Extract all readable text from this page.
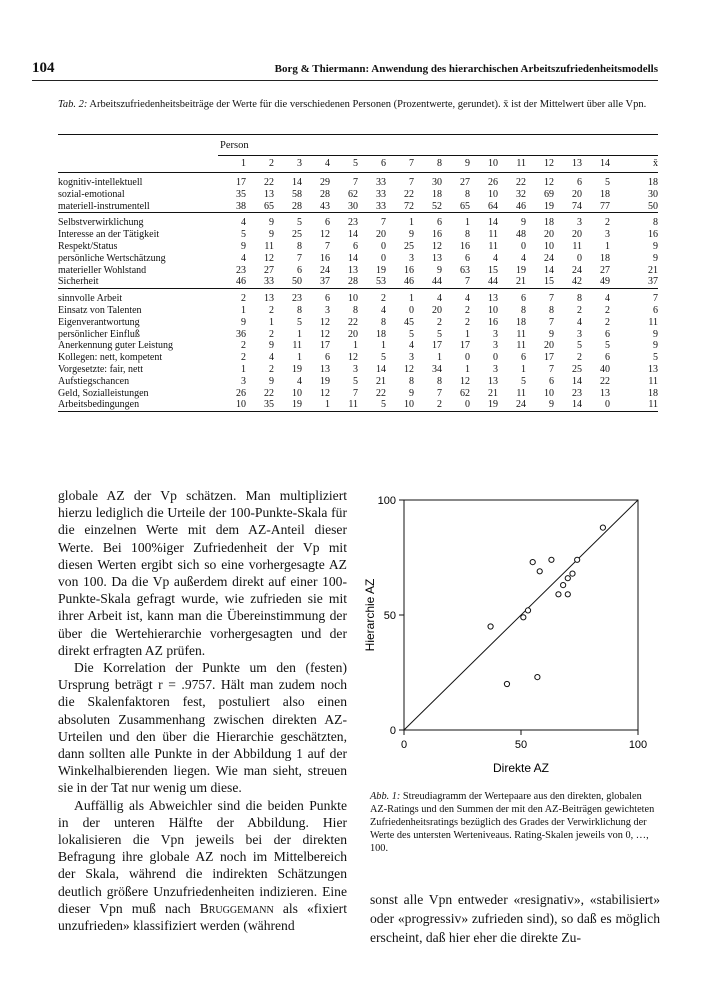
104	Borg & Thiermann: Anwendung des hierarchischen Arbeitszufriedenheitsmodells
Tab. 2: Arbeitszufriedenheitsbeiträge der Werte für die verschiedenen Personen (Prozentwerte, gerundet). x̄ ist der Mittelwert über alle Vpn.

	Person														
	1	2	3	4	5	6	7	8	9	10	11	12	13	14	x̄

kognitiv-intellektuell	17	22	14	29	7	33	7	30	27	26	22	12	6	5	18
sozial-emotional	35	13	58	28	62	33	22	18	8	10	32	69	20	18	30
materiell-instrumentell	38	65	28	43	30	33	72	52	65	64	46	19	74	77	50

Selbstverwirklichung	4	9	5	6	23	7	1	6	1	14	9	18	3	2	8
Interesse an der Tätigkeit	5	9	25	12	14	20	9	16	8	11	48	20	20	3	16
Respekt/Status	9	11	8	7	6	0	25	12	16	11	0	10	11	1	9
persönliche Wertschätzung	4	12	7	16	14	0	3	13	6	4	4	24	0	18	9
materieller Wohlstand	23	27	6	24	13	19	16	9	63	15	19	14	24	27	21
Sicherheit	46	33	50	37	28	53	46	44	7	44	21	15	42	49	37

sinnvolle Arbeit	2	13	23	6	10	2	1	4	4	13	6	7	8	4	7
Einsatz von Talenten	1	2	8	3	8	4	0	20	2	10	8	8	2	2	6
Eigenverantwortung	9	1	5	12	22	8	45	2	2	16	18	7	4	2	11
persönlicher Einfluß	36	2	1	12	20	18	5	5	1	3	11	9	3	6	9
Anerkennung guter Leistung	2	9	11	17	1	1	4	17	17	3	11	20	5	5	9
Kollegen: nett, kompetent	2	4	1	6	12	5	3	1	0	0	6	17	2	6	5
Vorgesetzte: fair, nett	1	2	19	13	3	14	12	34	1	3	1	7	25	40	13
Aufstiegschancen	3	9	4	19	5	21	8	8	12	13	5	6	14	22	11
Geld, Sozialleistungen	26	22	10	12	7	22	9	7	62	21	11	10	23	13	18
Arbeitsbedingungen	10	35	19	1	11	5	10	2	0	19	24	9	14	0	11

globale AZ der Vp schätzen. Man multipliziert hierzu lediglich die Urteile der 100-Punkte-Skala für die einzelnen Werte mit dem AZ-Anteil dieser Werte. Bei 100%iger Zufriedenheit der Vp mit diesen Werten ergibt sich so eine vorhergesagte AZ von 100. Da die Vp außerdem direkt auf einer 100-Punkte-Skala gefragt wurde, wie zufrieden sie mit ihrer Arbeit ist, kann man die Übereinstimmung der über die Wertehierarchie vorhergesagten und der direkt erfragten AZ prüfen.

Die Korrelation der Punkte um den (festen) Ursprung beträgt r = .9757. Hält man zudem noch die Skalenfaktoren fest, postuliert also einen absoluten Zusammenhang zwischen direkten AZ-Urteilen und den über die Hierarchie geschätzten, dann sollten alle Punkte in der Abbildung 1 auf der Winkelhalbierenden liegen. Wie man sieht, streuen sie in der Tat nur wenig um diese.

Auffällig als Abweichler sind die beiden Punkte in der unteren Hälfte der Abbildung. Hier lokalisieren die Vpn jeweils bei der direkten Befragung ihre globale AZ noch im Mittelbereich der Skala, während die indirekten Schätzungen deutlich größere Unzufriedenheiten indizieren. Eine dieser Vpn muß nach Bruggemann als «fixiert unzufrieden» klassifiziert werden (während

0	50	100
0
50
100
Direkte AZ
Hierarchie AZ
Abb. 1: Streudiagramm der Wertepaare aus den direkten, globalen AZ-Ratings und den Summen der mit den AZ-Beiträgen gewichteten Zufriedenheitsratings bezüglich des Grades der Verwirklichung der Werte des untersten Werteniveaus. Rating-Skalen jeweils von 0, …, 100.

sonst alle Vpn entweder «resignativ», «stabilisiert» oder «progressiv» zufrieden sind), so daß es möglich erscheint, daß hier eher die direkte Zu-
